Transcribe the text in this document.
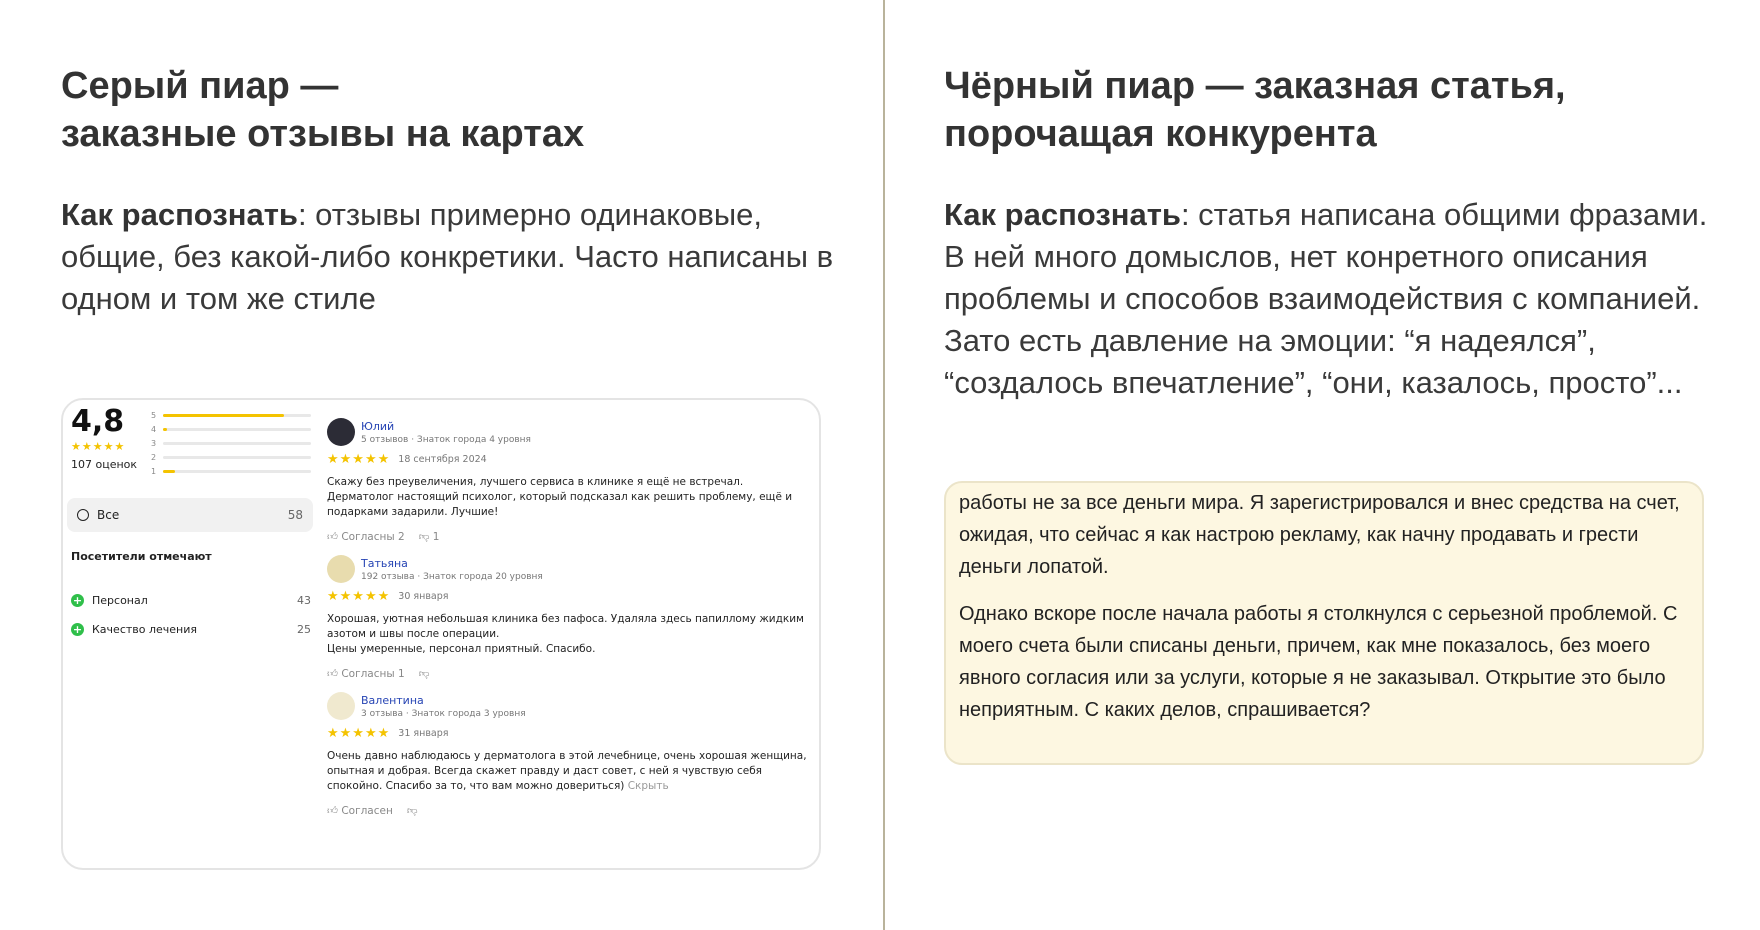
Серый пиар —
заказные отзывы на картах
Как распознать: отзывы примерно одинаковые, общие, без какой-либо конкретики. Часто написаны в одном и том же стиле
4,8
★★★★★
107 оценок
5
4
3
2
1
Все	58
Посетители отмечают
+ Персонал	43
+ Качество лечения	25
Юлий
5 отзывов · Знаток города 4 уровня
★★★★★ 18 сентября 2024
Скажу без преувеличения, лучшего сервиса в клинике я ещё не встречал. Дерматолог настоящий психолог, который подсказал как решить проблему, ещё и подарками задарили. Лучшие!
👍︎ Согласны 2 👎︎ 1
Татьяна
192 отзыва · Знаток города 20 уровня
★★★★★ 30 января
Хорошая, уютная небольшая клиника без пафоса. Удаляла здесь папиллому жидким азотом и швы после операции.
Цены умеренные, персонал приятный. Спасибо.
👍︎ Согласны 1 👎︎
Валентина
3 отзыва · Знаток города 3 уровня
★★★★★ 31 января
Очень давно наблюдаюсь у дерматолога в этой лечебнице, очень хорошая женщина, опытная и добрая. Всегда скажет правду и даст совет, с ней я чувствую себя спокойно. Спасибо за то, что вам можно довериться) Скрыть
👍︎ Согласен 👎︎
Чёрный пиар — заказная статья,
порочащая конкурента
Как распознать: статья написана общими фразами. В ней много домыслов, нет конретного описания проблемы и способов взаимодействия с компанией. Зато есть давление на эмоции: “я надеялся”, “создалось впечатление”, “они, казалось, просто”...

работы не за все деньги мира. Я зарегистрировался и внес средства на счет, ожидая, что сейчас я как настрою рекламу, как начну продавать и грести деньги лопатой.

Однако вскоре после начала работы я столкнулся с серьезной проблемой. С моего счета были списаны деньги, причем, как мне показалось, без моего явного согласия или за услуги, которые я не заказывал. Открытие это было неприятным. С каких делов, спрашивается?
